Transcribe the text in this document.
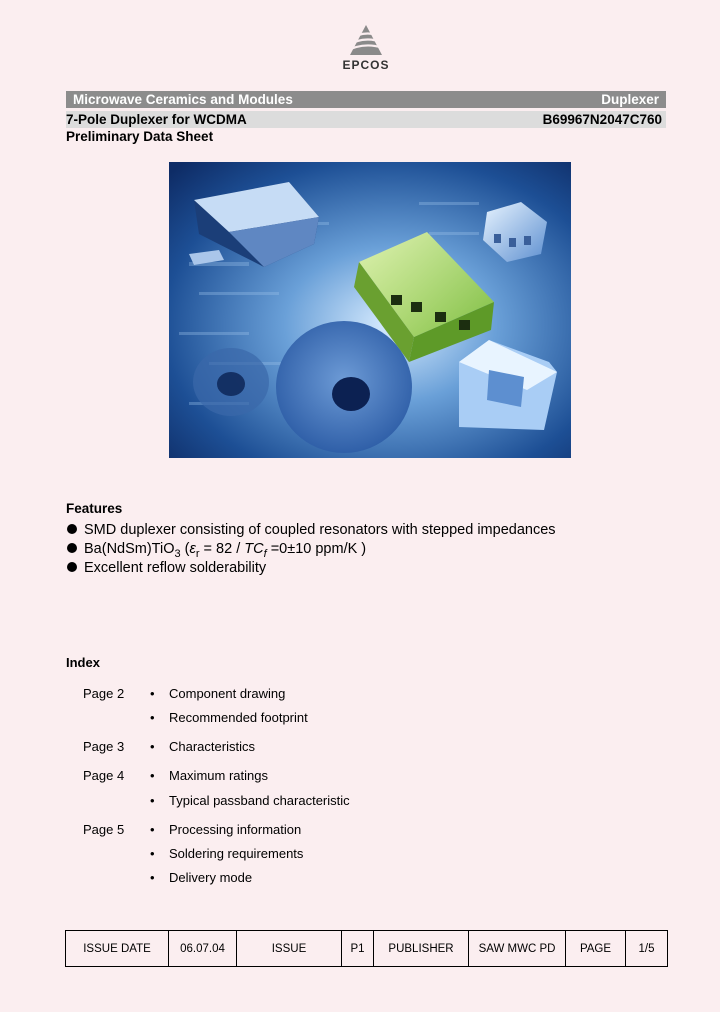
EPCOS
Microwave Ceramics and Modules	Duplexer
7-Pole Duplexer for WCDMA	B69967N2047C760
Preliminary Data Sheet
Features
SMD duplexer consisting of coupled resonators with stepped impedances
Ba(NdSm)TiO$_3$ ($\varepsilon_r = 82 / TC_f =0\pm 10$ ppm/K )
Excellent reflow solderability
Index
Page 2	• Component drawing
• Recommended footprint
Page 3	• Characteristics
Page 4	• Maximum ratings
• Typical passband characteristic
Page 5	• Processing information
• Soldering requirements
• Delivery mode
ISSUE DATE	06.07.04	ISSUE	P1	PUBLISHER	SAW MWC PD	PAGE	1/5
